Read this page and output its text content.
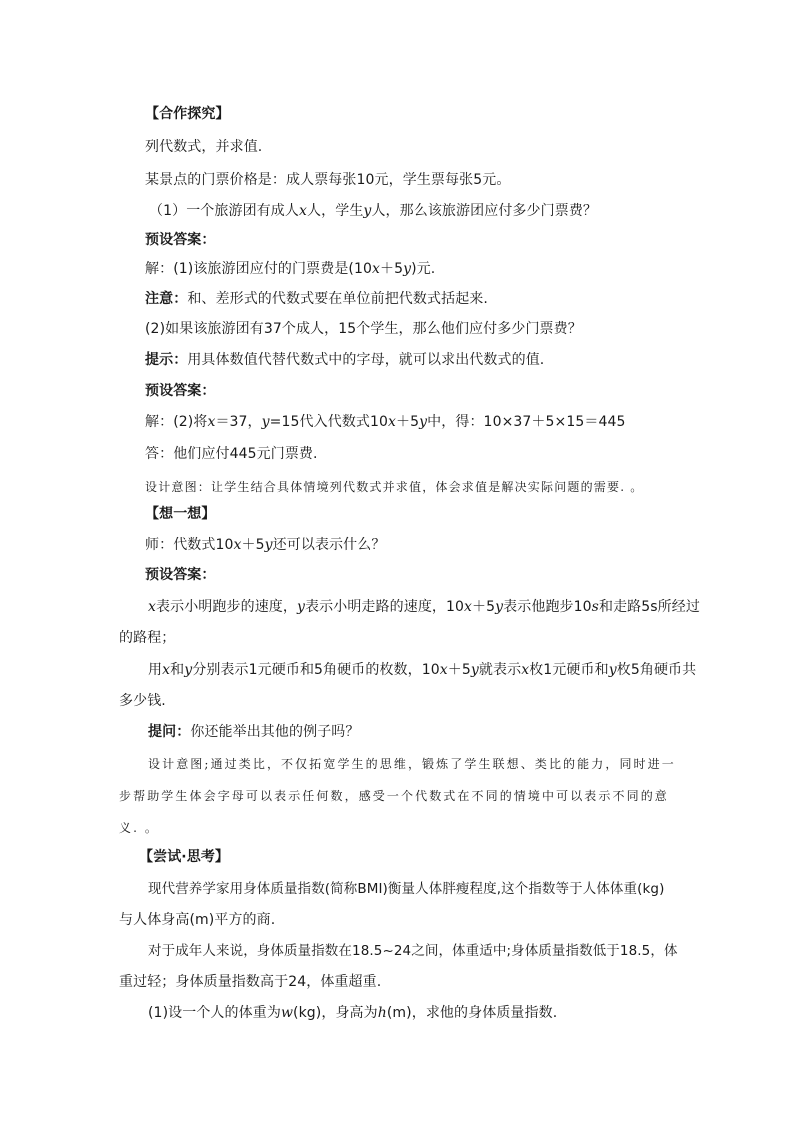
【合作探究】
列代数式，并求值.
某景点的门票价格是：成人票每张10元，学生票每张5元。
（1）一个旅游团有成人x人，学生y人，那么该旅游团应付多少门票费？
预设答案：
解：(1)该旅游团应付的门票费是(10x＋5y)元.
注意：和、差形式的代数式要在单位前把代数式括起来.
(2)如果该旅游团有37个成人，15个学生，那么他们应付多少门票费？
提示：用具体数值代替代数式中的字母，就可以求出代数式的值.
预设答案：
解：(2)将x＝37，y=15代入代数式10x＋5y中，得：10×37＋5×15＝445
答：他们应付445元门票费.
设计意图：让学生结合具体情境列代数式并求值，体会求值是解决实际问题的需要. 。
【想一想】
师：代数式10x＋5y还可以表示什么？
预设答案：
x表示小明跑步的速度，y表示小明走路的速度，10x＋5y表示他跑步10s和走路5s所经过
的路程；
用x和y分别表示1元硬币和5角硬币的枚数，10x＋5y就表示x枚1元硬币和y枚5角硬币共
多少钱.
提问：你还能举出其他的例子吗？
设计意图;通过类比，不仅拓宽学生的思维，锻炼了学生联想、类比的能力，同时进一
步帮助学生体会字母可以表示任何数，感受一个代数式在不同的情境中可以表示不同的意
义. 。
【尝试·思考】
现代营养学家用身体质量指数(简称BMI)衡量人体胖瘦程度,这个指数等于人体体重(kg)
与人体身高(m)平方的商.
对于成年人来说，身体质量指数在18.5~24之间，体重适中;身体质量指数低于18.5，体
重过轻；身体质量指数高于24，体重超重.
(1)设一个人的体重为w(kg)，身高为h(m)，求他的身体质量指数.
